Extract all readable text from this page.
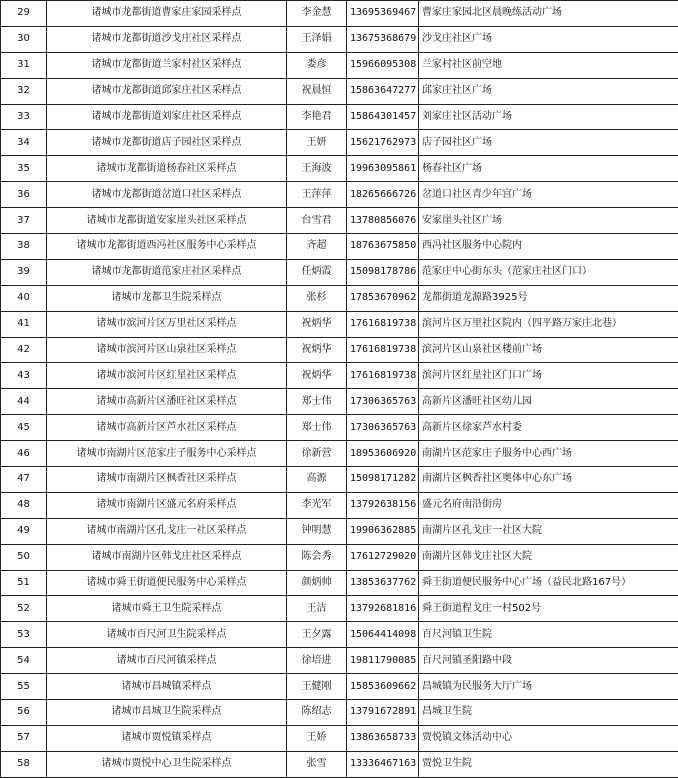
29	诸城市龙都街道曹家庄家园采样点	李金慧	13695369467	曹家庄家园北区晨晚练活动广场
30	诸城市龙都街道沙戈庄社区采样点	王泽娟	13675368679	沙戈庄社区广场
31	诸城市龙都街道兰家村社区采样点	娄彦	15966095308	兰家村社区前空地
32	诸城市龙都街道邱家庄社区采样点	祝晨恒	15863647277	邱家庄社区广场
33	诸城市龙都街道刘家庄社区采样点	李艳君	15864301457	刘家庄社区活动广场
34	诸城市龙都街道店子园社区采样点	王妍	15621762973	店子园社区广场
35	诸城市龙都街道杨春社区采样点	王海波	19963095861	杨春社区广场
36	诸城市龙都街道岔道口社区采样点	王萍萍	18265666726	岔道口社区青少年宫广场
37	诸城市龙都街道安家崖头社区采样点	台雪君	13780856076	安家崖头社区广场
38	诸城市龙都街道西冯社区服务中心采样点	齐超	18763675850	西冯社区服务中心院内
39	诸城市龙都街道范家庄社区采样点	任炳霞	15098178786	范家庄中心街东头（范家庄社区门口）
40	诸城市龙都卫生院采样点	张杉	17853670962	龙都街道龙源路3925号
41	诸城市滨河片区万里社区采样点	祝炳华	17616819738	滨河片区万里社区院内（四平路万家庄北巷）
42	诸城市滨河片区山泉社区采样点	祝炳华	17616819738	滨河片区山泉社区楼前广场
43	诸城市滨河片区红星社区采样点	祝炳华	17616819738	滨河片区红星社区门口广场
44	诸城市高新片区潘旺社区采样点	郑士伟	17306365763	高新片区潘旺社区幼儿园
45	诸城市高新片区芦水社区采样点	郑士伟	17306365763	高新片区徐家芦水村委
46	诸城市南湖片区范家庄子服务中心采样点	徐新营	18953606920	南湖片区范家庄子服务中心西广场
47	诸城市南湖片区枫香社区采样点	高源	15098171282	南湖片区枫香社区奥体中心东广场
48	诸城市南湖片区盛元名府采样点	李光军	13792638156	盛元名府南沿街房
49	诸城市南湖片区孔戈庄一社区采样点	钟明慧	19906362885	南湖片区孔戈庄一社区大院
50	诸城市南湖片区韩戈庄社区采样点	陈会秀	17612729020	南湖片区韩戈庄社区大院
51	诸城市舜王街道便民服务中心采样点	颜炳帅	13853637762	舜王街道便民服务中心广场（益民北路167号）
52	诸城市舜王卫生院采样点	王洁	13792681816	舜王街道程戈庄一村502号
53	诸城市百尺河卫生院采样点	王夕露	15064414098	百尺河镇卫生院
54	诸城市百尺河镇采样点	徐培进	19811790085	百尺河镇圣阳路中段
55	诸城市昌城镇采样点	王健刚	15853609662	昌城镇为民服务大厅广场
56	诸城市昌城卫生院采样点	陈绍志	13791672891	昌城卫生院
57	诸城市贾悦镇采样点	王娇	13863658733	贾悦镇文体活动中心
58	诸城市贾悦中心卫生院采样点	张雪	13336467163	贾悦卫生院
